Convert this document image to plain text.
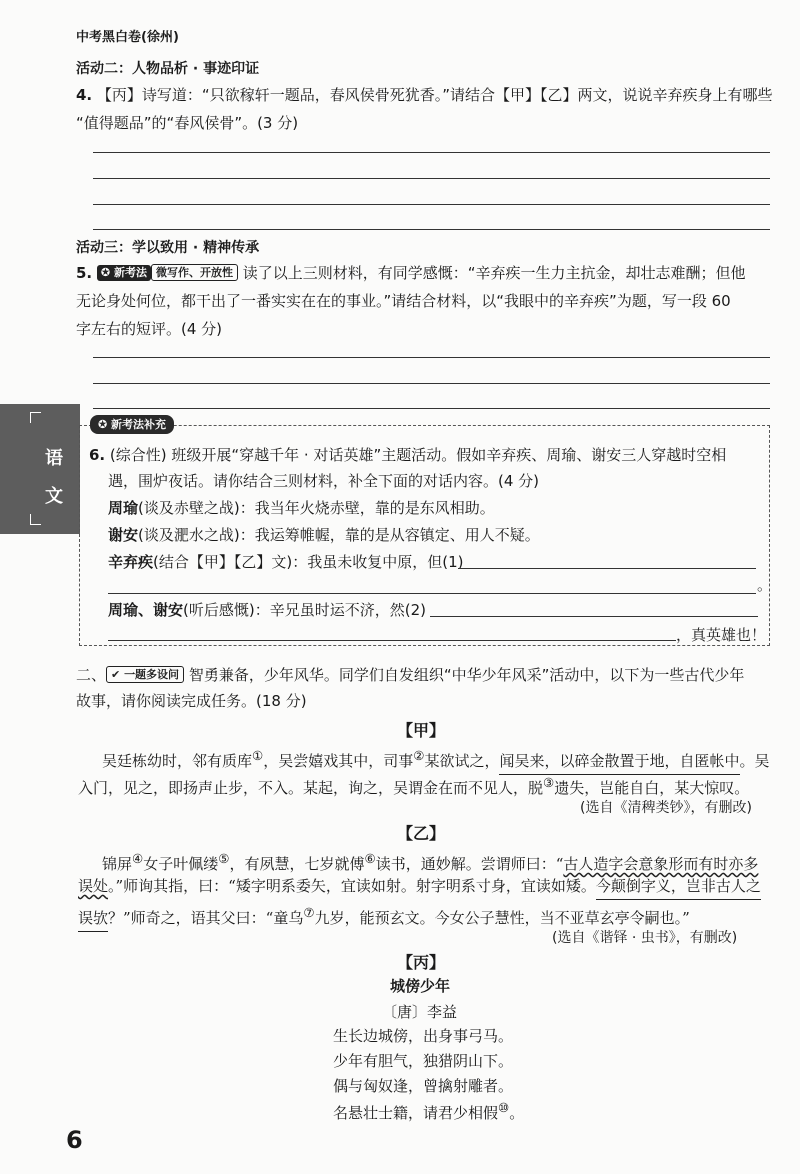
中考黑白卷(徐州)
语
文
活动二：人物品析 · 事迹印证
4. 【丙】诗写道：“只欲稼轩一题品，春风侯骨死犹香。”请结合【甲】【乙】两文，说说辛弃疾身上有哪些
“值得题品”的“春风侯骨”。(3 分)
活动三：学以致用 · 精神传承
5. ✪ 新考法 微写作、开放性 读了以上三则材料，有同学感慨：“辛弃疾一生力主抗金，却壮志难酬；但他
无论身处何位，都干出了一番实实在在的事业。”请结合材料，以“我眼中的辛弃疾”为题，写一段 60
字左右的短评。(4 分)
✪ 新考法补充
6. (综合性) 班级开展“穿越千年 · 对话英雄”主题活动。假如辛弃疾、周瑜、谢安三人穿越时空相
遇，围炉夜话。请你结合三则材料，补全下面的对话内容。(4 分)
周瑜(谈及赤壁之战)：我当年火烧赤壁，靠的是东风相助。
谢安(谈及淝水之战)：我运筹帷幄，靠的是从容镇定、用人不疑。
辛弃疾(结合【甲】【乙】文)：我虽未收复中原，但(1)
。
周瑜、谢安(听后感慨)：辛兄虽时运不济，然(2)
，真英雄也！
二、 ✔ 一题多设问 智勇兼备，少年风华。同学们自发组织“中华少年风采”活动中，以下为一些古代少年
故事，请你阅读完成任务。(18 分)
【甲】
吴廷栋幼时，邻有质库①，吴尝嬉戏其中，司事②某欲试之，闻吴来，以碎金散置于地，自匿帐中。吴
入门，见之，即扬声止步，不入。某起，询之，吴谓金在而不见人，脱③遗失，岂能自白，某大惊叹。
(选自《清稗类钞》，有删改)
【乙】
锦屏④女子叶佩缕⑤，有夙慧，七岁就傅⑥读书，通妙解。尝谓师曰：“古人造字会意象形而有时亦多
误处。”师询其指，曰：“矮字明系委矢，宜读如射。射字明系寸身，宜读如矮。今颠倒字义，岂非古人之
误欤？”师奇之，语其父曰：“童乌⑦九岁，能预玄文。今女公子慧性，当不亚草玄亭令嗣也。”
(选自《谐铎 · 虫书》，有删改)
【丙】
城傍少年
〔唐〕李益
生长边城傍，出身事弓马。
少年有胆气，独猎阴山下。
偶与匈奴逢，曾擒射雕者。
名悬壮士籍，请君少相假⑩。
6
